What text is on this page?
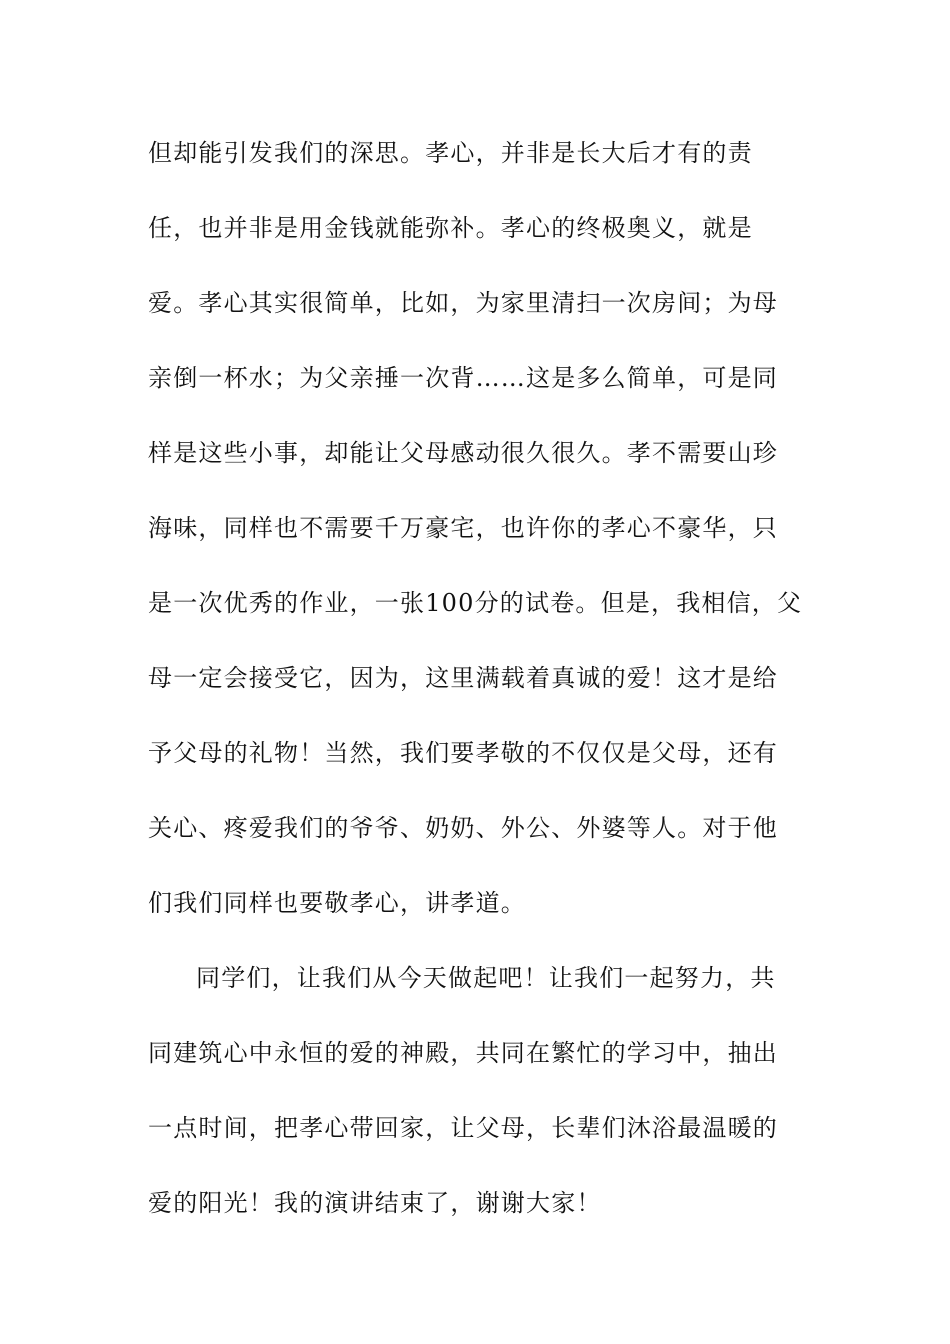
但却能引发我们的深思。孝心，并非是长大后才有的责
任，也并非是用金钱就能弥补。孝心的终极奥义，就是
爱。孝心其实很简单，比如，为家里清扫一次房间；为母
亲倒一杯水；为父亲捶一次背……这是多么简单，可是同
样是这些小事，却能让父母感动很久很久。孝不需要山珍
海味，同样也不需要千万豪宅，也许你的孝心不豪华，只
是一次优秀的作业，一张100分的试卷。但是，我相信，父
母一定会接受它，因为，这里满载着真诚的爱！这才是给
予父母的礼物！当然，我们要孝敬的不仅仅是父母，还有
关心、疼爱我们的爷爷、奶奶、外公、外婆等人。对于他
们我们同样也要敬孝心，讲孝道。
同学们，让我们从今天做起吧！让我们一起努力，共
同建筑心中永恒的爱的神殿，共同在繁忙的学习中，抽出
一点时间，把孝心带回家，让父母，长辈们沐浴最温暖的
爱的阳光！我的演讲结束了，谢谢大家！
